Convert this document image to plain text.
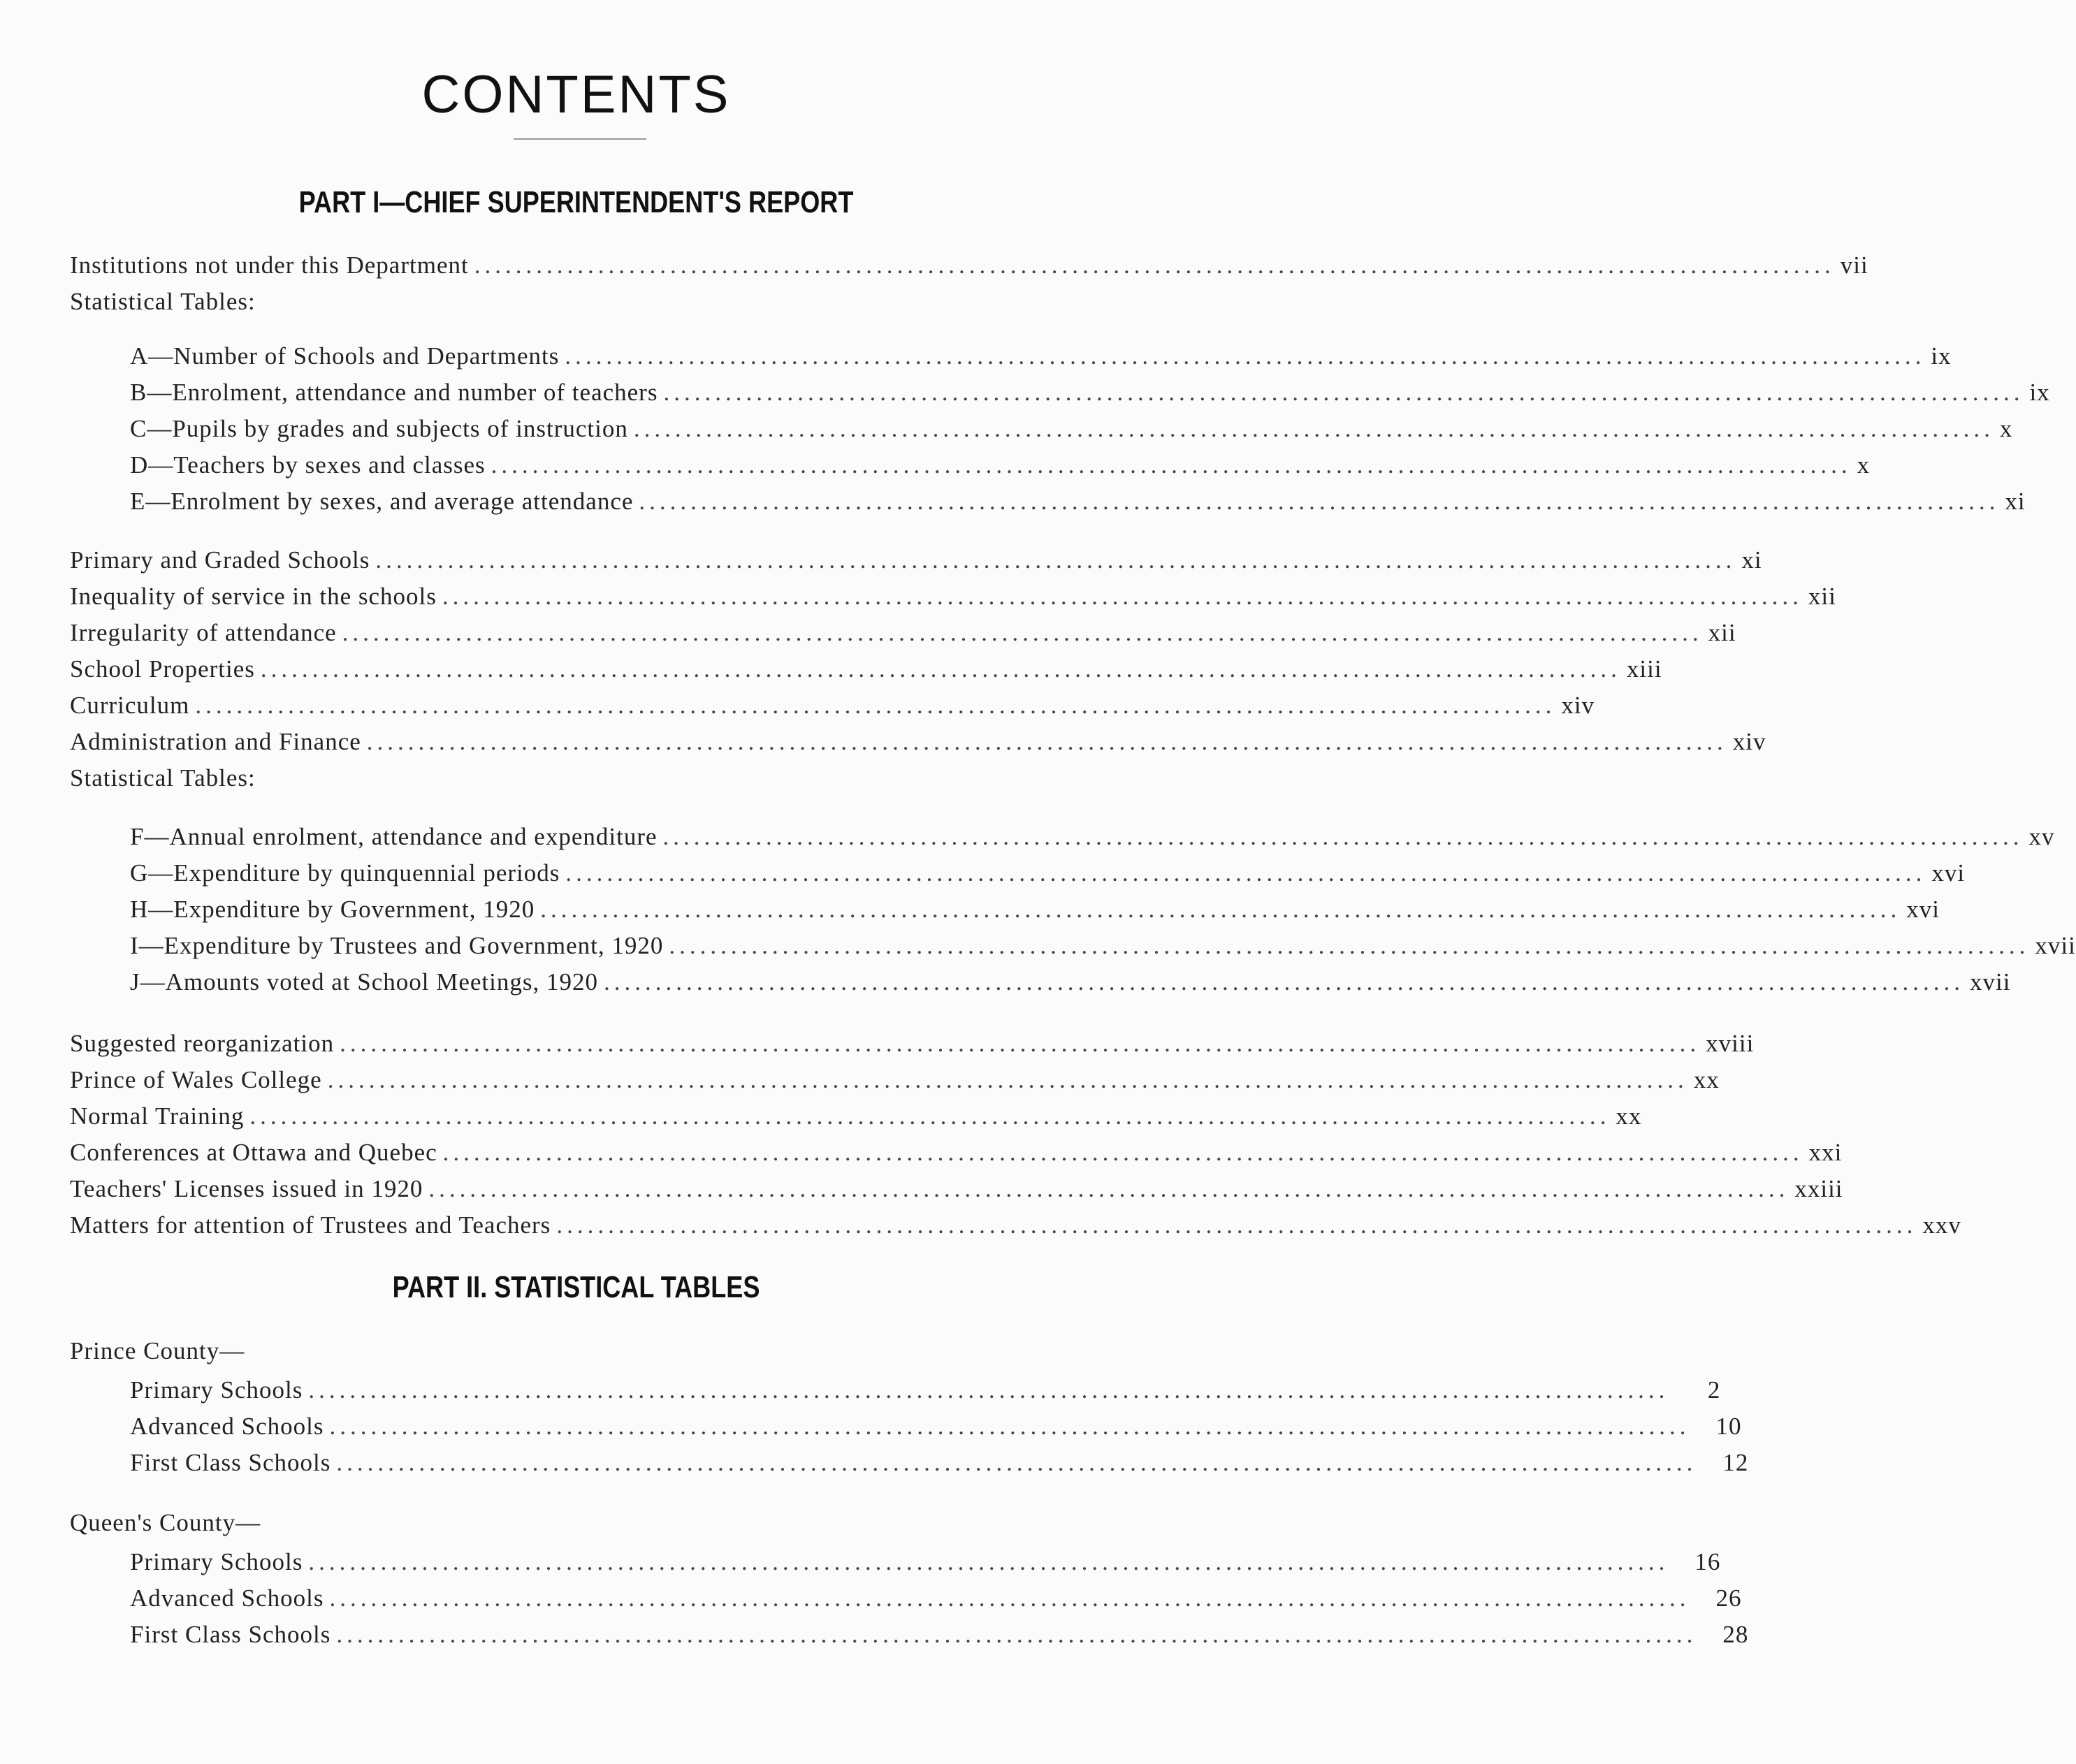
CONTENTS
PART I—CHIEF SUPERINTENDENT'S REPORT
Institutions not under this Department .................................................................................................................................... vii
Statistical Tables:
A—Number of Schools and Departments .................................................................................................................................... ix
B—Enrolment, attendance and number of teachers .................................................................................................................................... ix
C—Pupils by grades and subjects of instruction .................................................................................................................................... x
D—Teachers by sexes and classes .................................................................................................................................... x
E—Enrolment by sexes, and average attendance .................................................................................................................................... xi
Primary and Graded Schools .................................................................................................................................... xi
Inequality of service in the schools .................................................................................................................................... xii
Irregularity of attendance .................................................................................................................................... xii
School Properties .................................................................................................................................... xiii
Curriculum .................................................................................................................................... xiv
Administration and Finance .................................................................................................................................... xiv
Statistical Tables:
F—Annual enrolment, attendance and expenditure .................................................................................................................................... xv
G—Expenditure by quinquennial periods .................................................................................................................................... xvi
H—Expenditure by Government, 1920 .................................................................................................................................... xvi
I—Expenditure by Trustees and Government, 1920 .................................................................................................................................... xvii
J—Amounts voted at School Meetings, 1920 .................................................................................................................................... xvii
Suggested reorganization .................................................................................................................................... xviii
Prince of Wales College .................................................................................................................................... xx
Normal Training .................................................................................................................................... xx
Conferences at Ottawa and Quebec .................................................................................................................................... xxi
Teachers' Licenses issued in 1920 .................................................................................................................................... xxiii
Matters for attention of Trustees and Teachers .................................................................................................................................... xxv
PART II. STATISTICAL TABLES
Prince County—
Primary Schools ....................................................................................................................................	2
Advanced Schools ....................................................................................................................................	10
First Class Schools ....................................................................................................................................	12
Queen's County—
Primary Schools ....................................................................................................................................	16
Advanced Schools ....................................................................................................................................	26
First Class Schools ....................................................................................................................................	28
